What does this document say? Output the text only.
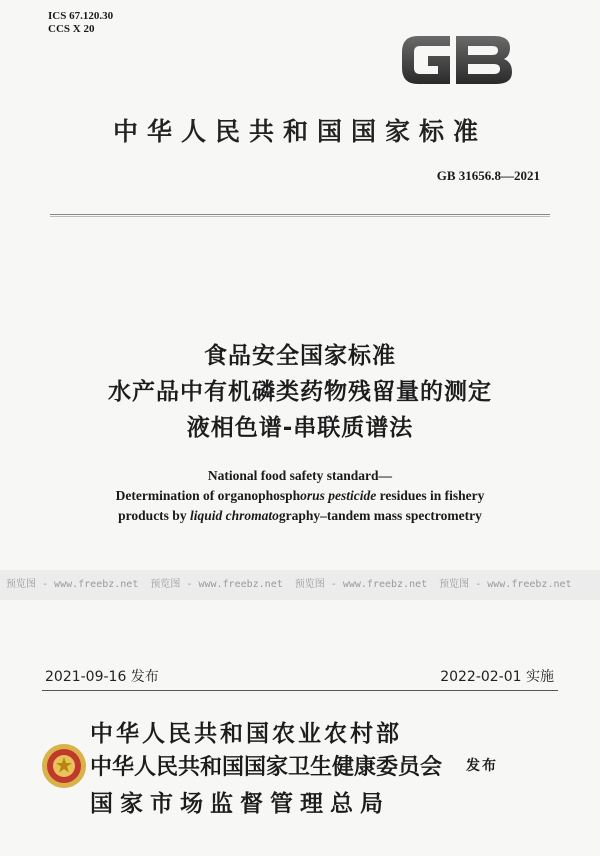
ICS 67.120.30
CCS X 20
中华人民共和国国家标准
GB 31656.8—2021
食品安全国家标准
水产品中有机磷类药物残留量的测定
液相色谱-串联质谱法
National food safety standard—
Determination of organophosphorus pesticide residues in fishery
products by liquid chromatography–tandem mass spectrometry
预览图 - www.freebz.net 预览图 - www.freebz.net 预览图 - www.freebz.net 预览图 - www.freebz.net
2021-09-16 发布	2022-02-01 实施
中华人民共和国农业农村部
中华人民共和国国家卫生健康委员会 发布
国家市场监督管理总局
